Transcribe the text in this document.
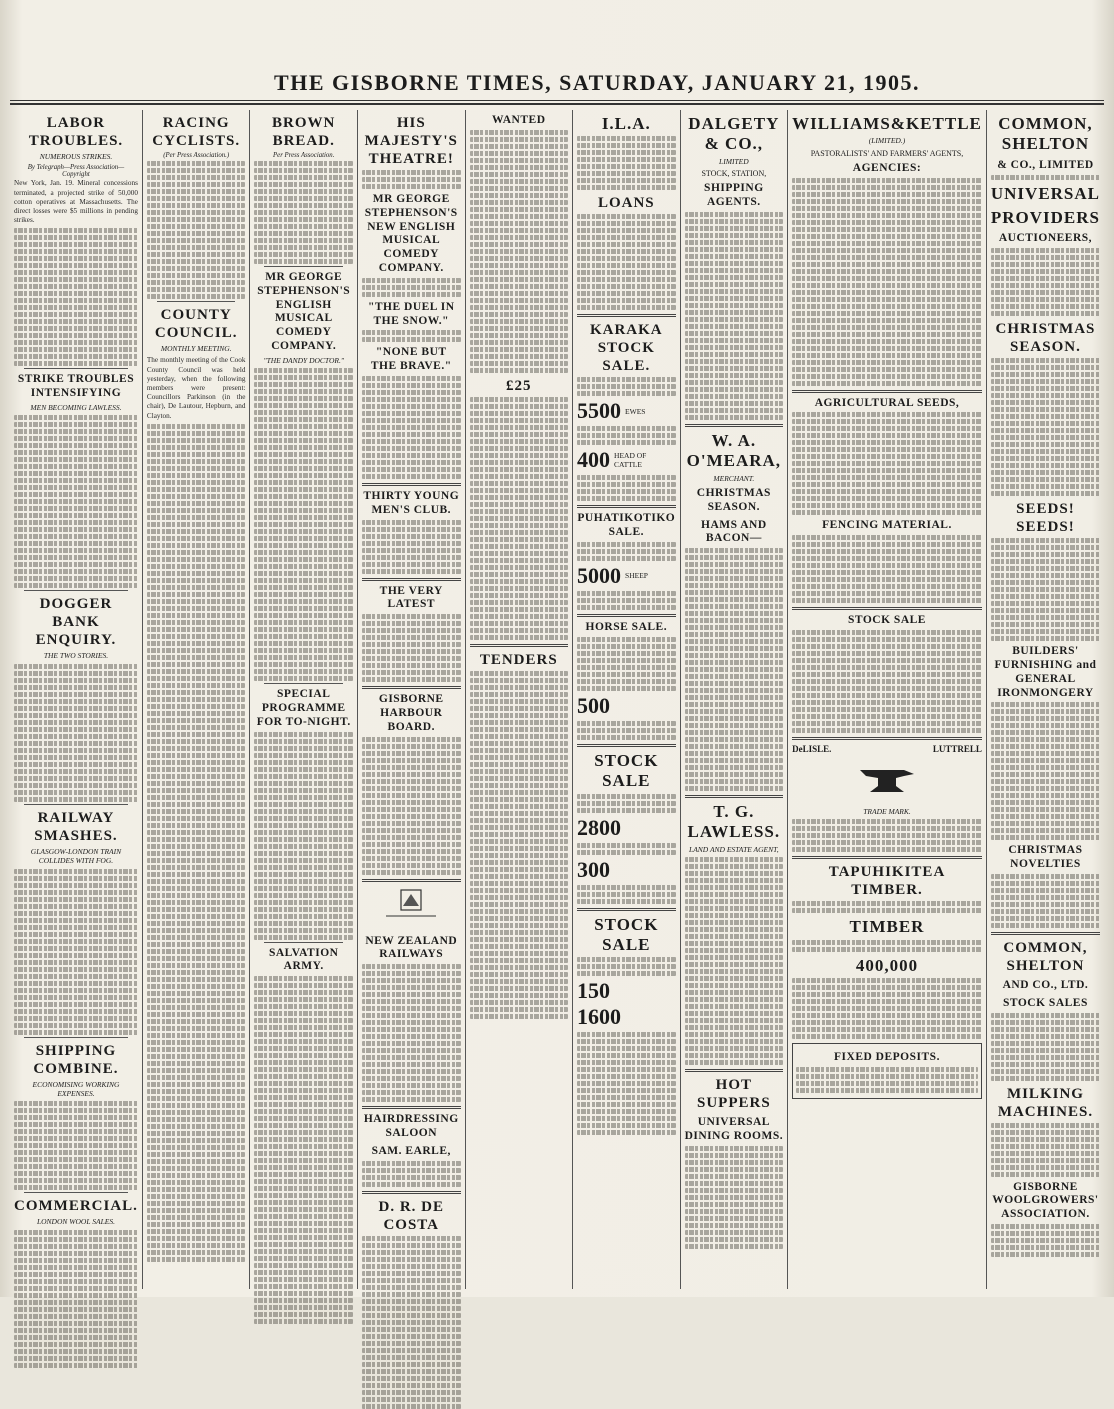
THE GISBORNE TIMES, SATURDAY, JANUARY 21, 1905.
LABOR TROUBLES.
NUMEROUS STRIKES.
By Telegraph—Press Association—Copyright

New York, Jan. 19. Mineral concessions terminated, a projected strike of 50,000 cotton operatives at Massachusetts. The direct losses were $5 millions in pending strikes.

STRIKE TROUBLES INTENSIFYING
MEN BECOMING LAWLESS.
DOGGER BANK ENQUIRY.
THE TWO STORIES.
RAILWAY SMASHES.
GLASGOW-LONDON TRAIN COLLIDES WITH FOG.
SHIPPING COMBINE.
ECONOMISING WORKING EXPENSES.
COMMERCIAL.
LONDON WOOL SALES.
RACING CYCLISTS.
(Per Press Association.)
COUNTY COUNCIL.
MONTHLY MEETING.

The monthly meeting of the Cook County Council was held yesterday, when the following members were present: Councillors Parkinson (in the chair), De Lautour, Hepburn, and Clayton.

BROWN BREAD.
Per Press Association.
MR GEORGE STEPHENSON'S ENGLISH MUSICAL COMEDY COMPANY.
"THE DANDY DOCTOR."
SPECIAL PROGRAMME FOR TO-NIGHT.
SALVATION ARMY.
HIS MAJESTY'S THEATRE!
MR GEORGE STEPHENSON'S NEW ENGLISH MUSICAL COMEDY COMPANY.
"THE DUEL IN THE SNOW."
"NONE BUT THE BRAVE."
THIRTY YOUNG MEN'S CLUB.
THE VERY LATEST
GISBORNE HARBOUR BOARD.
NEW ZEALAND RAILWAYS
HAIRDRESSING SALOON
SAM. EARLE,
D. R. DE COSTA
WANTED
£25
TENDERS
I.L.A.
LOANS
KARAKA STOCK SALE.
5500 EWES
400 HEAD OF CATTLE
PUHATIKOTIKO SALE.
5000 SHEEP
HORSE SALE.
500
STOCK SALE
2800
300
STOCK SALE
150
1600
DALGETY & CO.,
LIMITED
STOCK, STATION,
SHIPPING AGENTS.
W. A. O'MEARA,
MERCHANT.
CHRISTMAS SEASON.
HAMS AND BACON—
T. G. LAWLESS.
LAND AND ESTATE AGENT,
HOT SUPPERS
UNIVERSAL DINING ROOMS.
WILLIAMS&KETTLE
(LIMITED.)
PASTORALISTS' AND FARMERS' AGENTS,
AGENCIES:
AGRICULTURAL SEEDS,
FENCING MATERIAL.
STOCK SALE
DeLISLE.	LUTTRELL
TRADE MARK.
TAPUHIKITEA TIMBER.
TIMBER
400,000
FIXED DEPOSITS.
COMMON, SHELTON
& CO., LIMITED
UNIVERSAL
PROVIDERS
AUCTIONEERS,
CHRISTMAS SEASON.
SEEDS! SEEDS!
BUILDERS' FURNISHING and GENERAL IRONMONGERY
CHRISTMAS NOVELTIES
COMMON, SHELTON
AND CO., LTD.
STOCK SALES
MILKING MACHINES.
GISBORNE WOOLGROWERS' ASSOCIATION.
